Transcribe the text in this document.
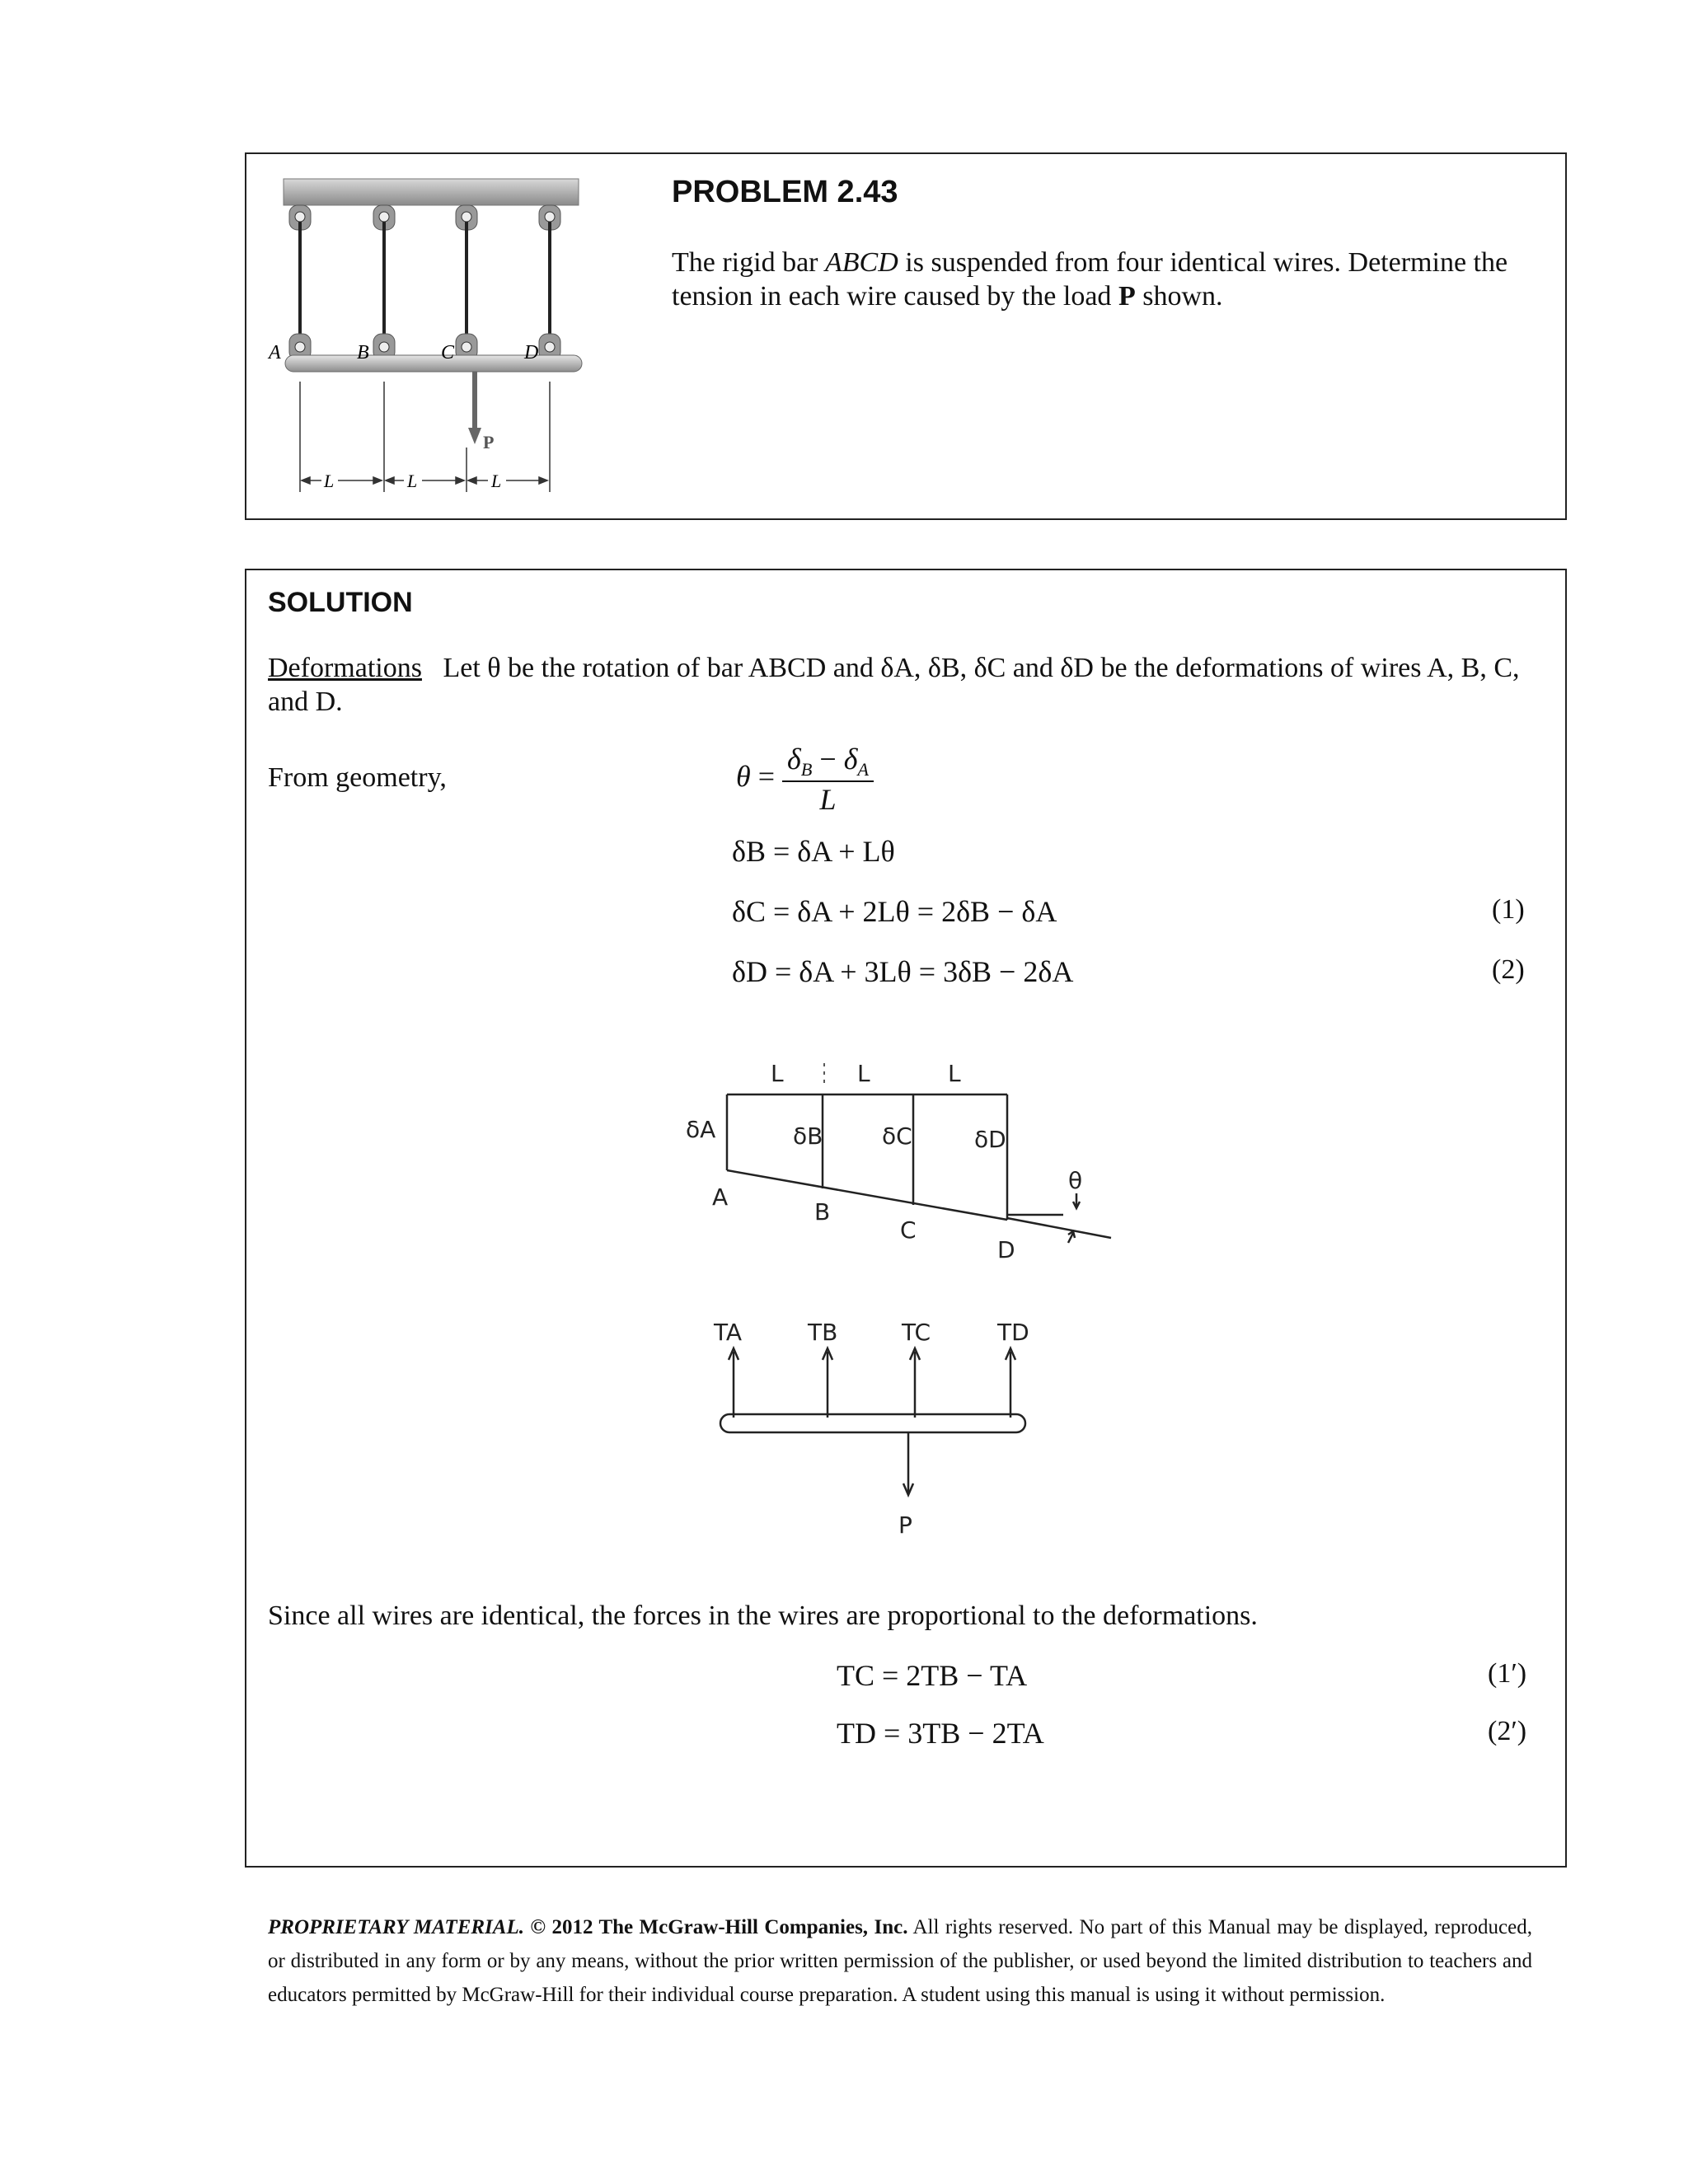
A	B	C	D
P
L	L	L
PROBLEM 2.43
The rigid bar ABCD is suspended from four identical wires. Determine the tension in each wire caused by the load P shown.
SOLUTION
Deformations Let θ be the rotation of bar ABCD and δA, δB, δC and δD be the deformations of wires A, B, C, and D.
From geometry,	$\theta = \frac{\delta_B - \delta_A}{L}$
δB = δA + Lθ
δC = δA + 2Lθ = 2δB − δA	(1)
δD = δA + 3Lθ = 3δB − 2δA	(2)
L	L	L
δA	δB	δC	δD
A
B
C
D
θ
TA	TB	TC	TD
P
Since all wires are identical, the forces in the wires are proportional to the deformations.
TC = 2TB − TA	(1′)
TD = 3TB − 2TA	(2′)
PROPRIETARY MATERIAL. © 2012 The McGraw-Hill Companies, Inc. All rights reserved. No part of this Manual may be displayed, reproduced, or distributed in any form or by any means, without the prior written permission of the publisher, or used beyond the limited distribution to teachers and educators permitted by McGraw-Hill for their individual course preparation. A student using this manual is using it without permission.
